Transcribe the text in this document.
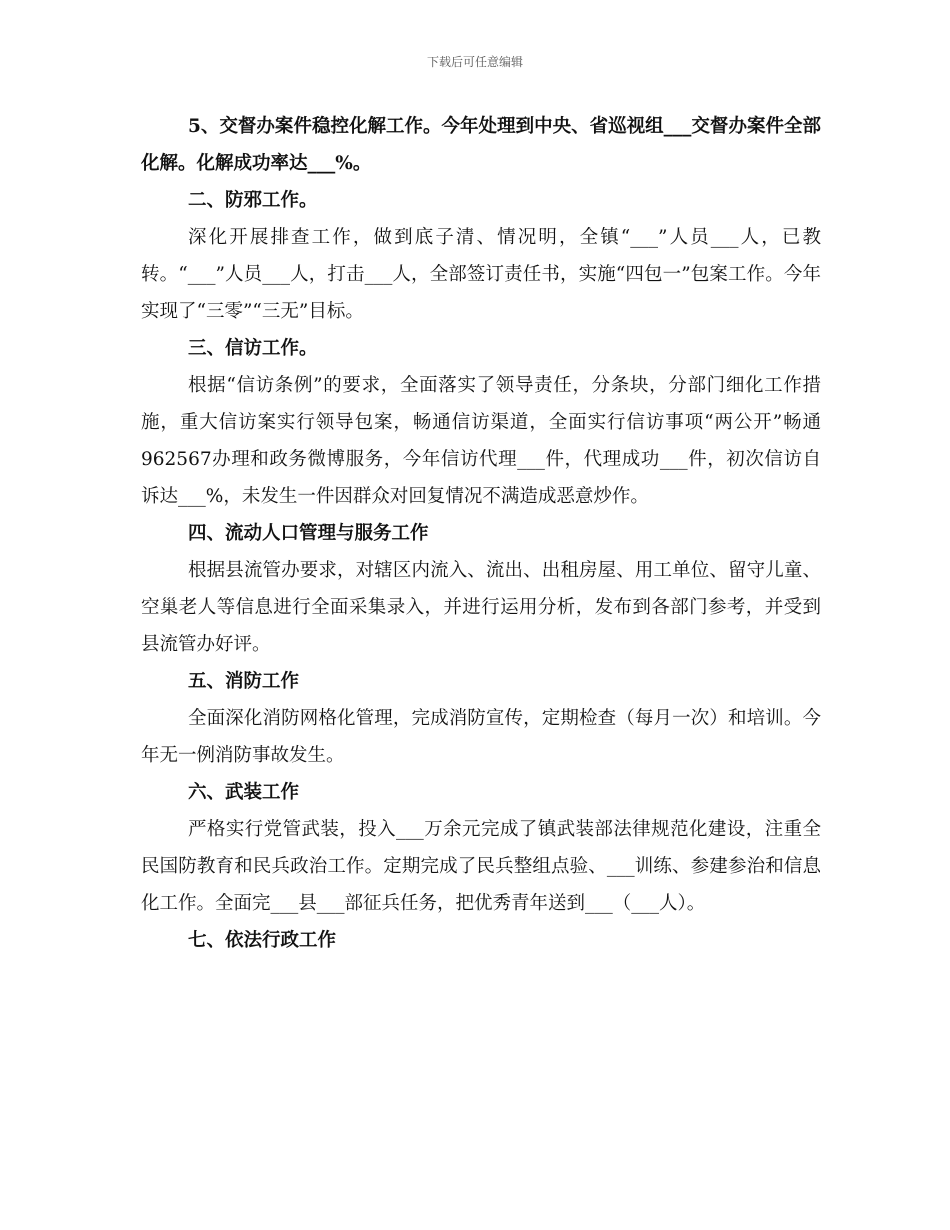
下载后可任意编辑

5、交督办案件稳控化解工作。今年处理到中央、省巡视组___交督办案件全部化解。化解成功率达___%。

二、防邪工作。

深化开展排查工作，做到底子清、情况明，全镇“___”人员___人，已教转。“___”人员___人，打击___人，全部签订责任书，实施“四包一”包案工作。今年实现了“三零”“三无”目标。

三、信访工作。

根据“信访条例”的要求，全面落实了领导责任，分条块，分部门细化工作措施，重大信访案实行领导包案，畅通信访渠道，全面实行信访事项“两公开”畅通962567办理和政务微博服务，今年信访代理___件，代理成功___件，初次信访自诉达___%，未发生一件因群众对回复情况不满造成恶意炒作。

四、流动人口管理与服务工作

根据县流管办要求，对辖区内流入、流出、出租房屋、用工单位、留守儿童、空巢老人等信息进行全面采集录入，并进行运用分析，发布到各部门参考，并受到县流管办好评。

五、消防工作

全面深化消防网格化管理，完成消防宣传，定期检查（每月一次）和培训。今年无一例消防事故发生。

六、武装工作

严格实行党管武装，投入___万余元完成了镇武装部法律规范化建设，注重全民国防教育和民兵政治工作。定期完成了民兵整组点验、___训练、参建参治和信息化工作。全面完___县___部征兵任务，把优秀青年送到___（___人）。

七、依法行政工作
